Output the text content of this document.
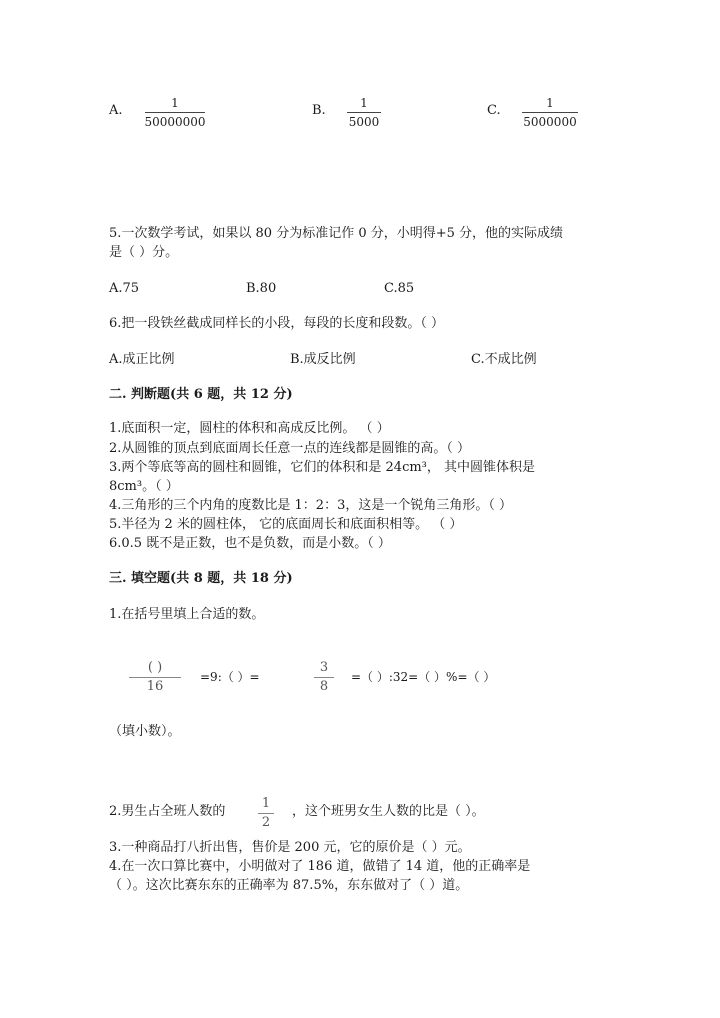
A.	1
50000000
B.	1
5000
C.	1
5000000
5.一次数学考试，如果以 80 分为标准记作 0 分，小明得+5 分，他的实际成绩
是（ ）分。
A.75	B.80	C.85
6.把一段铁丝截成同样长的小段，每段的长度和段数。（ ）
A.成正比例	B.成反比例	C.不成比例
二. 判断题(共 6 题，共 12 分)
1.底面积一定，圆柱的体积和高成反比例。 （ ）
2.从圆锥的顶点到底面周长任意一点的连线都是圆锥的高。（ ）
3.两个等底等高的圆柱和圆锥，它们的体积和是 24cm³， 其中圆锥体积是
8cm³。（ ）
4.三角形的三个内角的度数比是 1：2：3，这是一个锐角三角形。（ ）
5.半径为 2 米的圆柱体， 它的底面周长和底面积相等。 （ ）
6.0.5 既不是正数，也不是负数，而是小数。（ ）
三. 填空题(共 8 题，共 18 分)
1.在括号里填上合适的数。
( )
16
=9:（ ）=
3
8
=（ ）:32=（ ）%=（ ）
（填小数）。
2.男生占全班人数的
1
2
，这个班男女生人数的比是（ ）。
3.一种商品打八折出售，售价是 200 元，它的原价是（ ）元。
4.在一次口算比赛中，小明做对了 186 道，做错了 14 道，他的正确率是
（ ）。这次比赛东东的正确率为 87.5%，东东做对了（ ）道。
